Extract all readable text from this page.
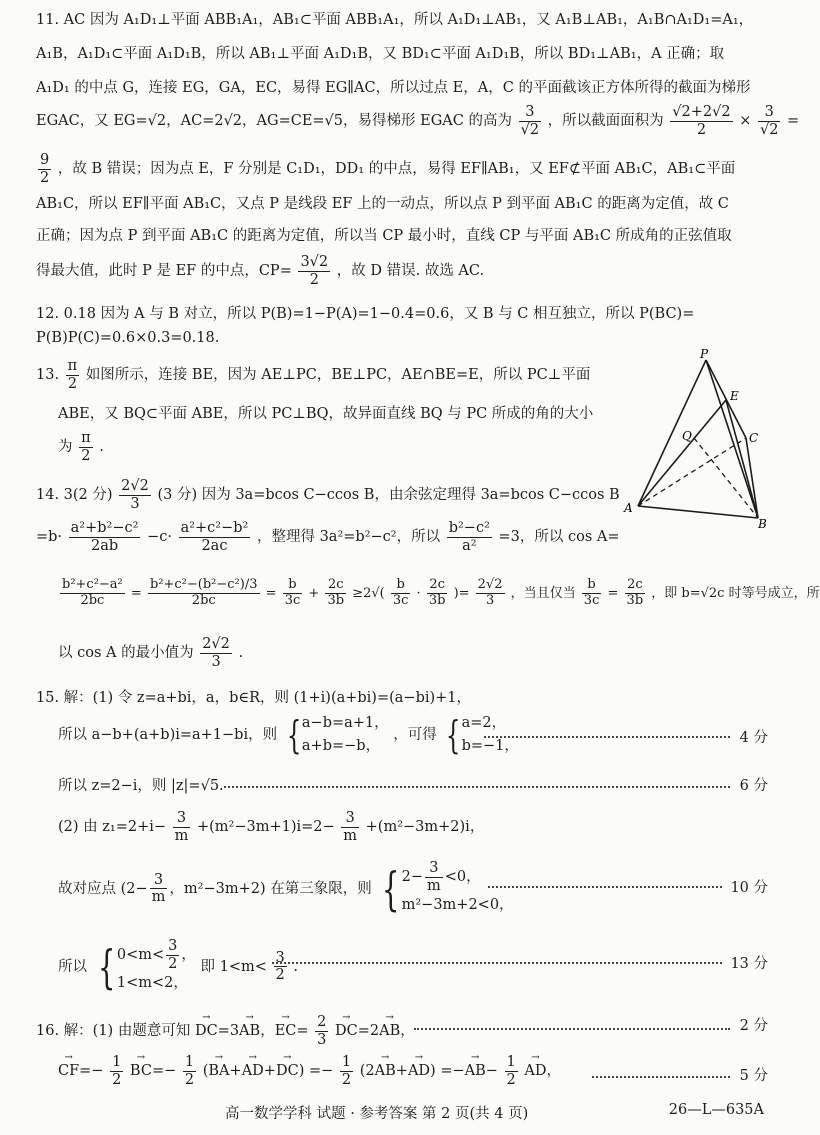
11. AC 因为 A₁D₁⊥平面 ABB₁A₁，AB₁⊂平面 ABB₁A₁，所以 A₁D₁⊥AB₁，又 A₁B⊥AB₁，A₁B∩A₁D₁=A₁，
A₁B，A₁D₁⊂平面 A₁D₁B，所以 AB₁⊥平面 A₁D₁B，又 BD₁⊂平面 A₁D₁B，所以 BD₁⊥AB₁，A 正确；取
A₁D₁ 的中点 G，连接 EG，GA，EC，易得 EG∥AC，所以过点 E，A，C 的平面截该正方体所得的截面为梯形
EGAC，又 EG=√2，AC=2√2，AG=CE=√5，易得梯形 EGAC 的高为 $\frac{3}{√2}$ ，所以截面面积为 $\frac{√2+2√2}{2} \times \frac{3}{√2}$ =
$\frac{9}{2}$ ，故 B 错误；因为点 E，F 分别是 C₁D₁，DD₁ 的中点，易得 EF∥AB₁，又 EF⊄平面 AB₁C，AB₁⊂平面
AB₁C，所以 EF∥平面 AB₁C，又点 P 是线段 EF 上的一动点，所以点 P 到平面 AB₁C 的距离为定值，故 C
正确；因为点 P 到平面 AB₁C 的距离为定值，所以当 CP 最小时，直线 CP 与平面 AB₁C 所成角的正弦值取
得最大值，此时 P 是 EF 的中点，$CP= \frac{3√2}{2}$ ，故 D 错误. 故选 AC.
12. 0.18 因为 A 与 B 对立，所以 P(B)=1−P(A)=1−0.4=0.6，又 B 与 C 相互独立，所以 P(BC)=
P(B)P(C)=0.6×0.3=0.18.
13. $\frac{\pi}{2}$ 如图所示，连接 BE，因为 AE⊥PC，BE⊥PC，AE∩BE=E，所以 PC⊥平面
ABE，又 BQ⊂平面 ABE，所以 PC⊥BQ，故异面直线 BQ 与 PC 所成的角的大小
为 $\frac{\pi}{2}$ .
P
E
Q	C
A
B
14. 3(2 分) $\frac{2√2}{3} (3$ 分) 因为 3a=bcos C−ccos B，由余弦定理得 3a=bcos C−ccos B
$=b\cdot \frac{\text{a²+b²−c²}}{2ab} -c\cdot \frac{\text{a²+c²−b²}}{2ac}$ ，整理得 3a²=b²−c²，所以 $\frac{\text{b²−c²}}{\text{a²}} =3$，所以 cos A=
$\frac{\text{b²+c²−a²}}{2bc} = \frac{\text{b²+c²−(b²−c²)/3}}{2bc} = \frac{b}{3c} + \frac{2c}{3b} \ge 2√( \frac{b}{3c} \cdot \frac{2c}{3b}$ )= $\frac{2√2}{3}$ ，当且仅当 $\frac{b}{3c} = \frac{2c}{3b}$ ，即 b=√2c 时等号成立，所
以 cos A 的最小值为 $\frac{2√2}{3}$ .
15. 解：(1) 令 z=a+bi，a，b∈R，则 (1+i)(a+bi)=(a−bi)+1，
所以 a−b+(a+b)i=a+1−bi，则 {a−b=a+1，
a+b=−b， ，可得 {a=2，
b=−1，
4 分
所以 z=2−i，则 |z|=√5.	6 分
(2) 由 $z_1=2+i- \frac{3}{m} +(m^2-3m+1)i=2- \frac{3}{m} +(m^2-3m+2)i$，
故对应点 ($2- \frac{3}{m}$ ，m²−3m+2) 在第三象限，则 { $2- \frac{3}{m} <0$，
m²−3m+2<0，
10 分
所以 { $0<m< \frac{3}{2}$ ，
1<m<2， 即 $1<m< \frac{3}{2}$ .	13 分
16. 解：(1) 由题意可知 → DC=3→ AB，→ $EC= \frac{2}{3}$
→ DC=2→ AB，	2 分
→ $CF=- \frac{1}{2}$
→ $BC=- \frac{1}{2}$ (→ $BA+\to AD+\to DC) =- \frac{1}{2} (2\to AB+\to AD)$ =−→ $AB- \frac{1}{2}$
→ AD，	5 分
高一数学学科 试题 · 参考答案 第 2 页(共 4 页)	26—L—635A
